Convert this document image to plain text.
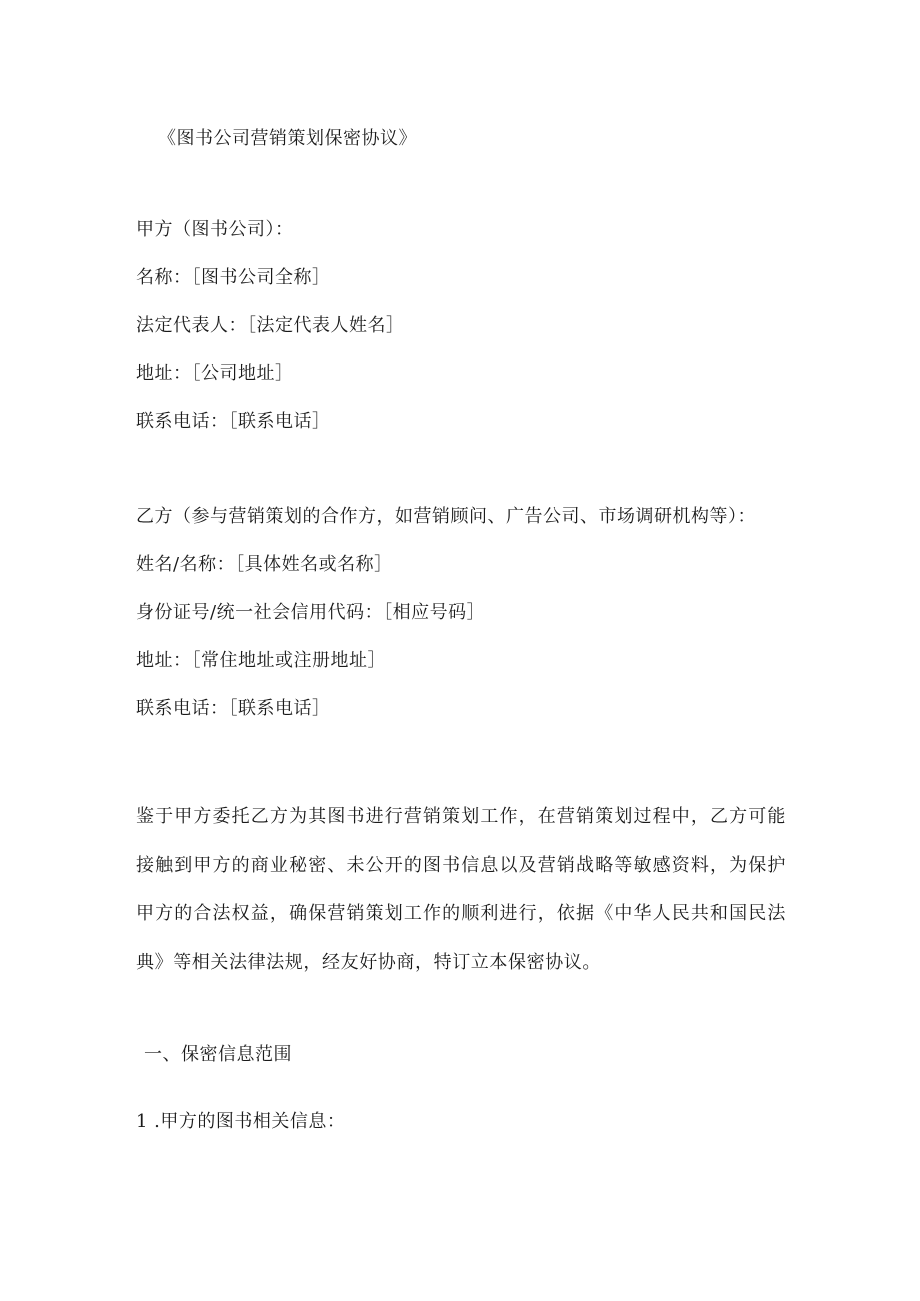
《图书公司营销策划保密协议》

甲方（图书公司）：

名称：［图书公司全称］

法定代表人：［法定代表人姓名］

地址：［公司地址］

联系电话：［联系电话］

乙方（参与营销策划的合作方，如营销顾问、广告公司、市场调研机构等）：

姓名/名称：［具体姓名或名称］

身份证号/统一社会信用代码：［相应号码］

地址：［常住地址或注册地址］

联系电话：［联系电话］

鉴于甲方委托乙方为其图书进行营销策划工作，在营销策划过程中，乙方可能接触到甲方的商业秘密、未公开的图书信息以及营销战略等敏感资料，为保护甲方的合法权益，确保营销策划工作的顺利进行，依据《中华人民共和国民法典》等相关法律法规，经友好协商，特订立本保密协议。

一、保密信息范围

1 .甲方的图书相关信息：
